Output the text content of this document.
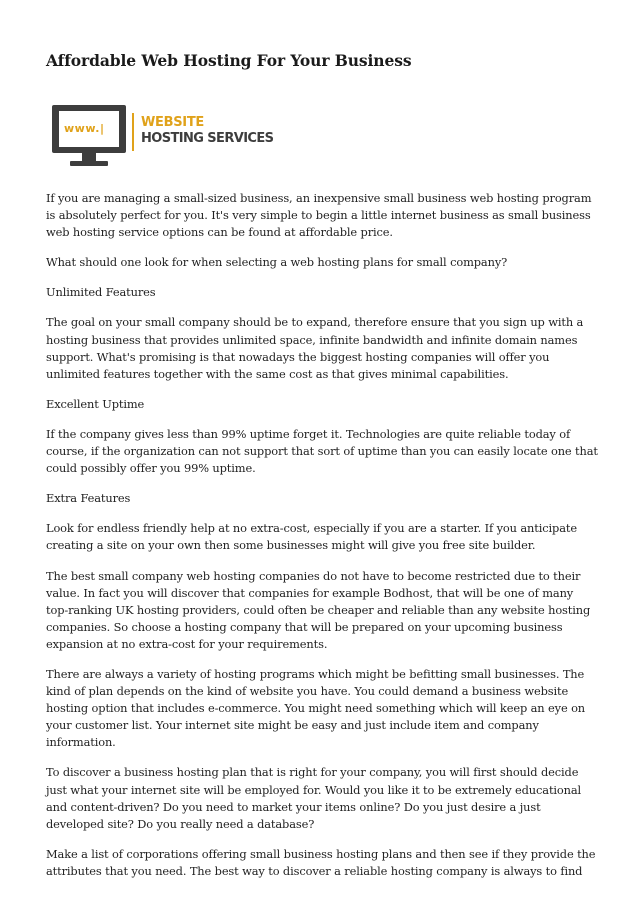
Affordable Web Hosting For Your Business
www.|	WEBSITE
HOSTING SERVICES

If you are managing a small-sized business, an inexpensive small business web hosting program is absolutely perfect for you. It's very simple to begin a little internet business as small business web hosting service options can be found at affordable price.

What should one look for when selecting a web hosting plans for small company?

Unlimited Features

The goal on your small company should be to expand, therefore ensure that you sign up with a hosting business that provides unlimited space, infinite bandwidth and infinite domain names support. What's promising is that nowadays the biggest hosting companies will offer you unlimited features together with the same cost as that gives minimal capabilities.

Excellent Uptime

If the company gives less than 99% uptime forget it. Technologies are quite reliable today of course, if the organization can not support that sort of uptime than you can easily locate one that could possibly offer you 99% uptime.

Extra Features

Look for endless friendly help at no extra-cost, especially if you are a starter. If you anticipate creating a site on your own then some businesses might will give you free site builder.

The best small company web hosting companies do not have to become restricted due to their value. In fact you will discover that companies for example Bodhost, that will be one of many top-ranking UK hosting providers, could often be cheaper and reliable than any website hosting companies. So choose a hosting company that will be prepared on your upcoming business expansion at no extra-cost for your requirements.

There are always a variety of hosting programs which might be befitting small businesses. The kind of plan depends on the kind of website you have. You could demand a business website hosting option that includes e-commerce. You might need something which will keep an eye on your customer list. Your internet site might be easy and just include item and company information.

To discover a business hosting plan that is right for your company, you will first should decide just what your internet site will be employed for. Would you like it to be extremely educational and content-driven? Do you need to market your items online? Do you just desire a just developed site? Do you really need a database?

Make a list of corporations offering small business hosting plans and then see if they provide the attributes that you need. The best way to discover a reliable hosting company is always to find
